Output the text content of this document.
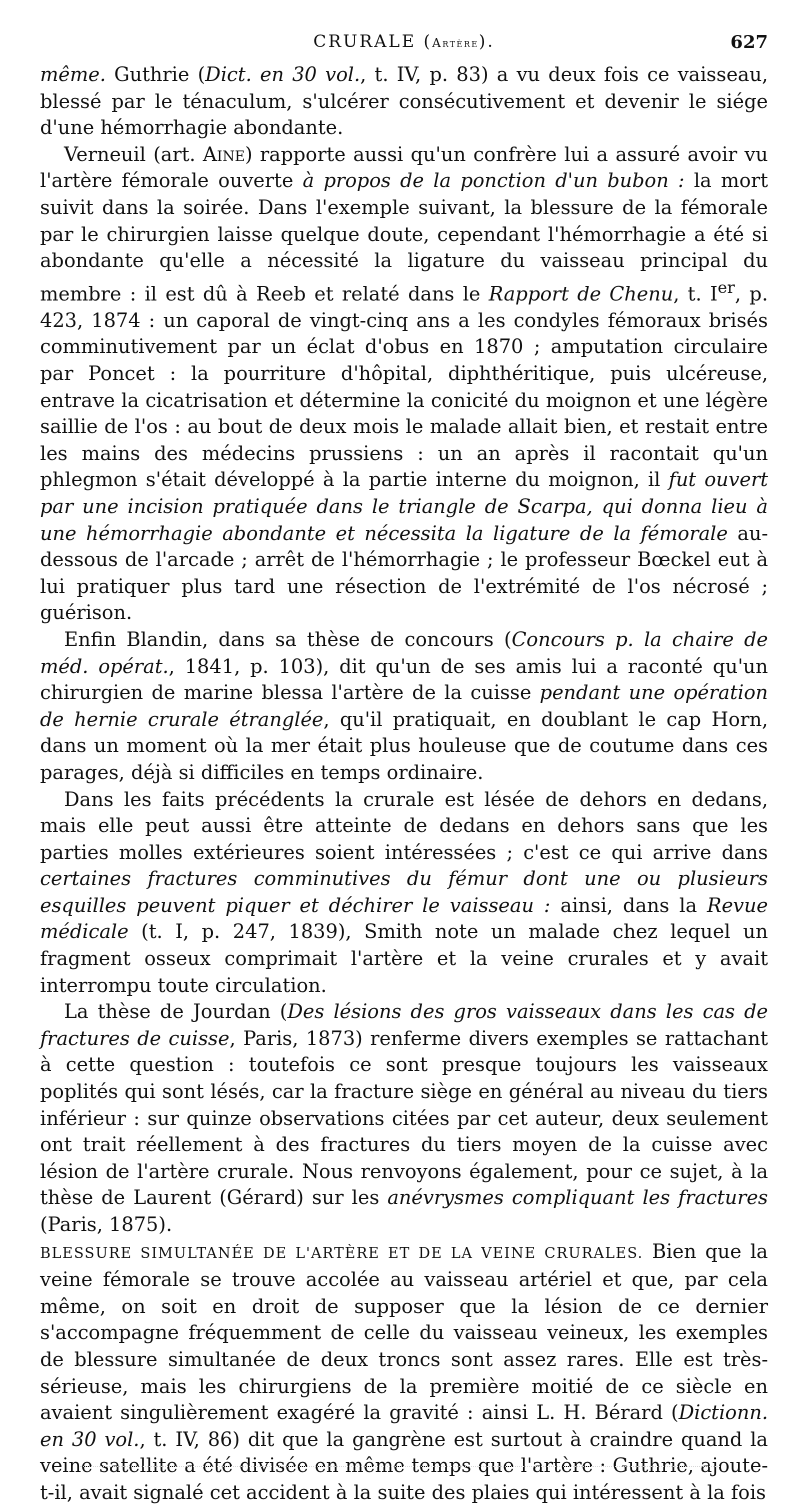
CRURALE (Artère).	627

même. Guthrie (Dict. en 30 vol., t. IV, p. 83) a vu deux fois ce vaisseau, blessé par le ténaculum, s'ulcérer consécutivement et devenir le siége d'une hémorrhagie abondante.

Verneuil (art. Aine) rapporte aussi qu'un confrère lui a assuré avoir vu l'artère fémorale ouverte à propos de la ponction d'un bubon : la mort suivit dans la soirée. Dans l'exemple suivant, la blessure de la fémorale par le chirurgien laisse quelque doute, cependant l'hémorrhagie a été si abondante qu'elle a nécessité la ligature du vaisseau principal du membre : il est dû à Reeb et relaté dans le Rapport de Chenu, t. Ier, p. 423, 1874 : un caporal de vingt-cinq ans a les condyles fémoraux brisés comminutivement par un éclat d'obus en 1870 ; amputation circulaire par Poncet : la pourriture d'hôpital, diphthéritique, puis ulcéreuse, entrave la cicatrisation et détermine la conicité du moignon et une légère saillie de l'os : au bout de deux mois le malade allait bien, et restait entre les mains des médecins prussiens : un an après il racontait qu'un phlegmon s'était développé à la partie interne du moignon, il fut ouvert par une incision pratiquée dans le triangle de Scarpa, qui donna lieu à une hémorrhagie abondante et nécessita la ligature de la fémorale au-dessous de l'arcade ; arrêt de l'hémorrhagie ; le professeur Bœckel eut à lui pratiquer plus tard une résection de l'extrémité de l'os nécrosé ; guérison.

Enfin Blandin, dans sa thèse de concours (Concours p. la chaire de méd. opérat., 1841, p. 103), dit qu'un de ses amis lui a raconté qu'un chirurgien de marine blessa l'artère de la cuisse pendant une opération de hernie crurale étranglée, qu'il pratiquait, en doublant le cap Horn, dans un moment où la mer était plus houleuse que de coutume dans ces parages, déjà si difficiles en temps ordinaire.

Dans les faits précédents la crurale est lésée de dehors en dedans, mais elle peut aussi être atteinte de dedans en dehors sans que les parties molles extérieures soient intéressées ; c'est ce qui arrive dans certaines fractures comminutives du fémur dont une ou plusieurs esquilles peuvent piquer et déchirer le vaisseau : ainsi, dans la Revue médicale (t. I, p. 247, 1839), Smith note un malade chez lequel un fragment osseux comprimait l'artère et la veine crurales et y avait interrompu toute circulation.

La thèse de Jourdan (Des lésions des gros vaisseaux dans les cas de fractures de cuisse, Paris, 1873) renferme divers exemples se rattachant à cette question : toutefois ce sont presque toujours les vaisseaux poplités qui sont lésés, car la fracture siège en général au niveau du tiers inférieur : sur quinze observations citées par cet auteur, deux seulement ont trait réellement à des fractures du tiers moyen de la cuisse avec lésion de l'artère crurale. Nous renvoyons également, pour ce sujet, à la thèse de Laurent (Gérard) sur les anévrysmes compliquant les fractures (Paris, 1875).

BLESSURE SIMULTANÉE DE L'ARTÈRE ET DE LA VEINE CRURALES. Bien que la veine fémorale se trouve accolée au vaisseau artériel et que, par cela même, on soit en droit de supposer que la lésion de ce dernier s'accompagne fréquemment de celle du vaisseau veineux, les exemples de blessure simultanée de deux troncs sont assez rares. Elle est très-sérieuse, mais les chirurgiens de la première moitié de ce siècle en avaient singulièrement exagéré la gravité : ainsi L. H. Bérard (Dictionn. en 30 vol., t. IV, 86) dit que la gangrène est surtout à craindre quand la veine satellite a été divisée en même temps que l'artère : Guthrie, ajoute-t-il, avait signalé cet accident à la suite des plaies qui intéressent à la fois
